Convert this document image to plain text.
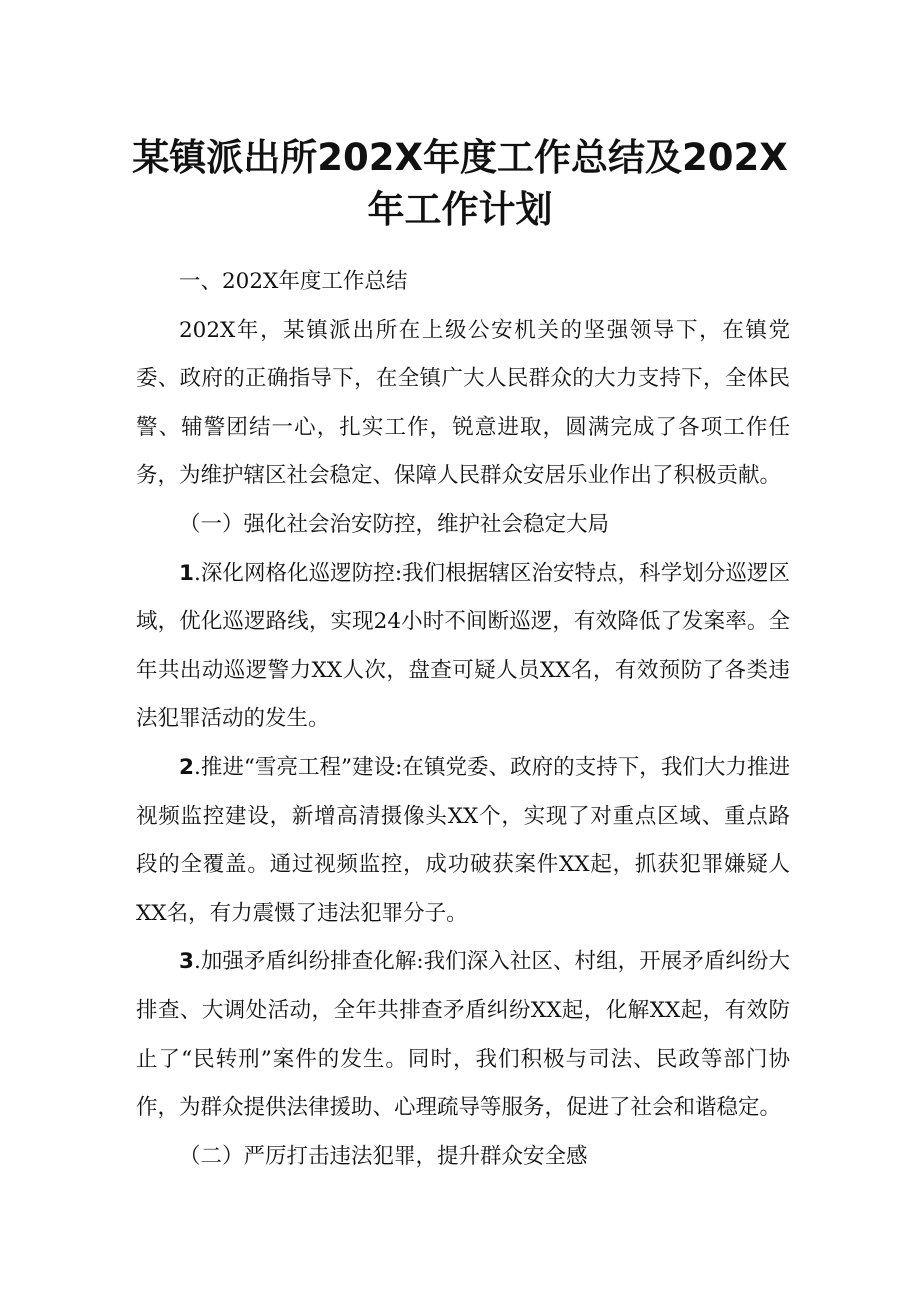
某镇派出所202X年度工作总结及202X
年工作计划

一、202X年度工作总结

202X年，某镇派出所在上级公安机关的坚强领导下，在镇党委、政府的正确指导下，在全镇广大人民群众的大力支持下，全体民警、辅警团结一心，扎实工作，锐意进取，圆满完成了各项工作任务，为维护辖区社会稳定、保障人民群众安居乐业作出了积极贡献。

（一）强化社会治安防控，维护社会稳定大局

1.深化网格化巡逻防控:我们根据辖区治安特点，科学划分巡逻区域，优化巡逻路线，实现24小时不间断巡逻，有效降低了发案率。全年共出动巡逻警力XX人次，盘查可疑人员XX名，有效预防了各类违法犯罪活动的发生。

2.推进“雪亮工程”建设:在镇党委、政府的支持下，我们大力推进视频监控建设，新增高清摄像头XX个，实现了对重点区域、重点路段的全覆盖。通过视频监控，成功破获案件XX起，抓获犯罪嫌疑人XX名，有力震慑了违法犯罪分子。

3.加强矛盾纠纷排查化解:我们深入社区、村组，开展矛盾纠纷大排查、大调处活动，全年共排查矛盾纠纷XX起，化解XX起，有效防止了“民转刑”案件的发生。同时，我们积极与司法、民政等部门协作，为群众提供法律援助、心理疏导等服务，促进了社会和谐稳定。

（二）严厉打击违法犯罪，提升群众安全感
